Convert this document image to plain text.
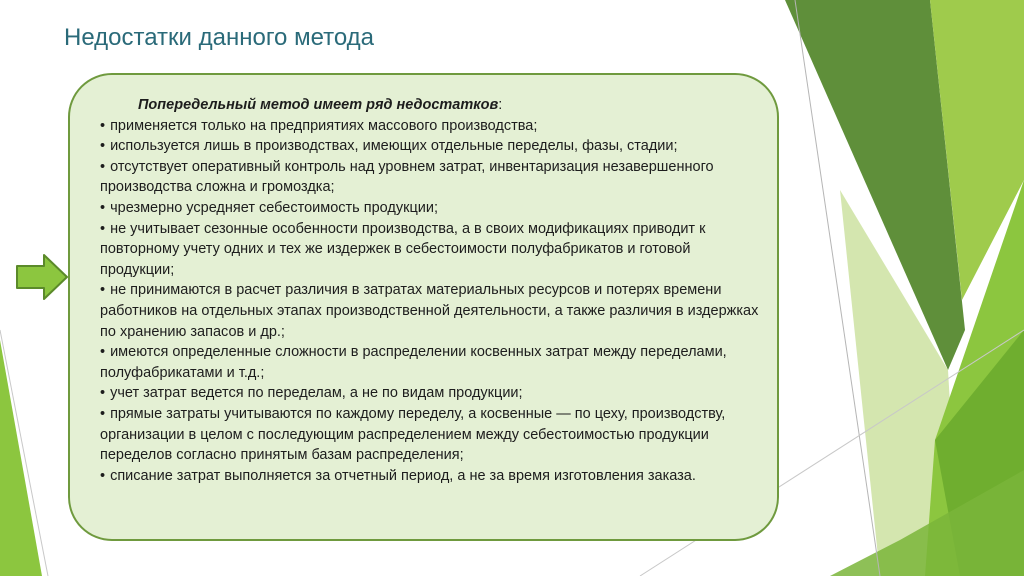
Недостатки данного метода

Попередельный метод имеет ряд недостатков:

• применяется только на предприятиях массового производства;
• используется лишь в производствах, имеющих отдельные переделы, фазы, стадии;
• отсутствует оперативный контроль над уровнем затрат, инвентаризация незавершенного производства сложна и громоздка;
• чрезмерно усредняет себестоимость продукции;
• не учитывает сезонные особенности производства, а в своих модификациях приводит к повторному учету одних и тех же издержек в себестоимости полуфабрикатов и готовой продукции;
• не принимаются в расчет различия в затратах материальных ресурсов и потерях времени работников на отдельных этапах производственной деятельности, а также различия в издержках по хранению запасов и др.;
• имеются определенные сложности в распределении косвенных затрат между переделами, полуфабрикатами и т.д.;
• учет затрат ведется по переделам, а не по видам продукции;
• прямые затраты учитываются по каждому переделу, а косвенные — по цеху, производству, организации в целом с последующим распределением между себестоимостью продукции переделов согласно принятым базам распределения;
• списание затрат выполняется за отчетный период, а не за время изготовления заказа.
